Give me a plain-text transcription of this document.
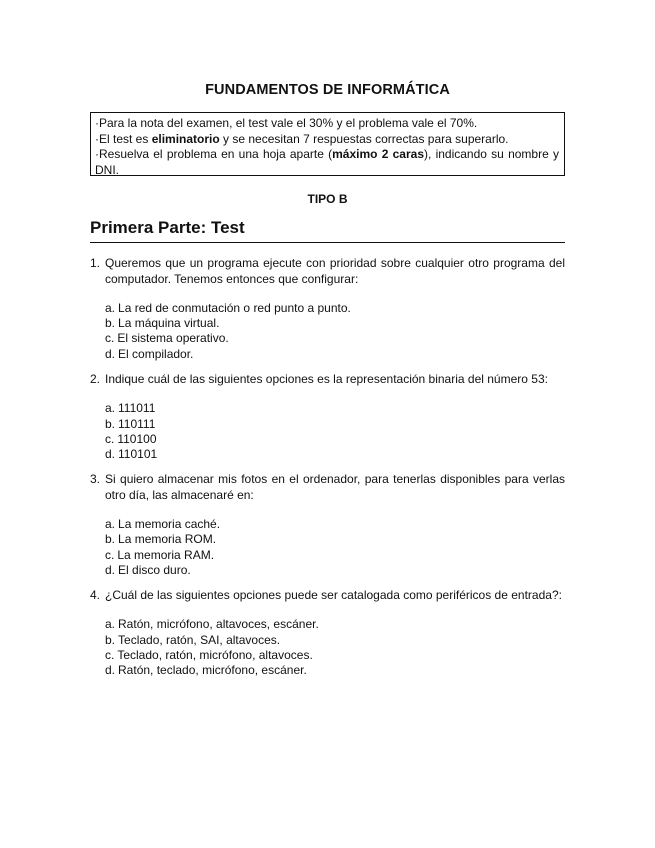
FUNDAMENTOS DE INFORMÁTICA
·Para la nota del examen, el test vale el 30% y el problema vale el 70%.
·El test es eliminatorio y se necesitan 7 respuestas correctas para superarlo.
·Resuelva el problema en una hoja aparte (máximo 2 caras), indicando su nombre y DNI.
TIPO B
Primera Parte: Test
1. Queremos que un programa ejecute con prioridad sobre cualquier otro programa del computador. Tenemos entonces que configurar:
a. La red de conmutación o red punto a punto.
b. La máquina virtual.
c. El sistema operativo.
d. El compilador.
2. Indique cuál de las siguientes opciones es la representación binaria del número 53:
a. 111011
b. 110111
c. 110100
d. 110101
3. Si quiero almacenar mis fotos en el ordenador, para tenerlas disponibles para verlas otro día, las almacenaré en:
a. La memoria caché.
b. La memoria ROM.
c. La memoria RAM.
d. El disco duro.
4. ¿Cuál de las siguientes opciones puede ser catalogada como periféricos de entrada?:
a. Ratón, micrófono, altavoces, escáner.
b. Teclado, ratón, SAI, altavoces.
c. Teclado, ratón, micrófono, altavoces.
d. Ratón, teclado, micrófono, escáner.
